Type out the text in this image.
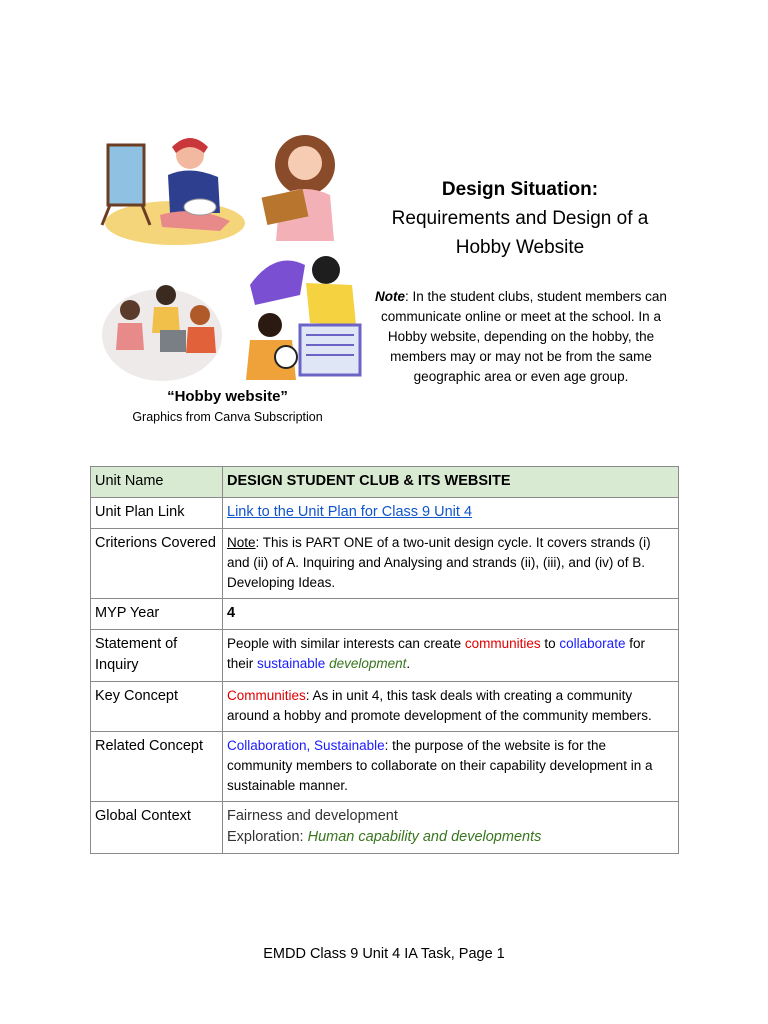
“Hobby website”
Graphics from Canva Subscription
Design Situation:
Requirements and Design of a Hobby Website
Note: In the student clubs, student members can communicate online or meet at the school. In a Hobby website, depending on the hobby, the members may or may not be from the same geographic area or even age group.
Unit Name	DESIGN STUDENT CLUB & ITS WEBSITE
Unit Plan Link	Link to the Unit Plan for Class 9 Unit 4
Criterions Covered	Note: This is PART ONE of a two-unit design cycle. It covers strands (i) and (ii) of A. Inquiring and Analysing and strands (ii), (iii), and (iv) of B. Developing Ideas.
MYP Year	4
Statement of Inquiry	People with similar interests can create communities to collaborate for their sustainable development.
Key Concept	Communities: As in unit 4, this task deals with creating a community around a hobby and promote development of the community members.
Related Concept	Collaboration, Sustainable: the purpose of the website is for the community members to collaborate on their capability development in a sustainable manner.
Global Context	Fairness and development
Exploration: Human capability and developments
EMDD Class 9 Unit 4 IA Task, Page 1
